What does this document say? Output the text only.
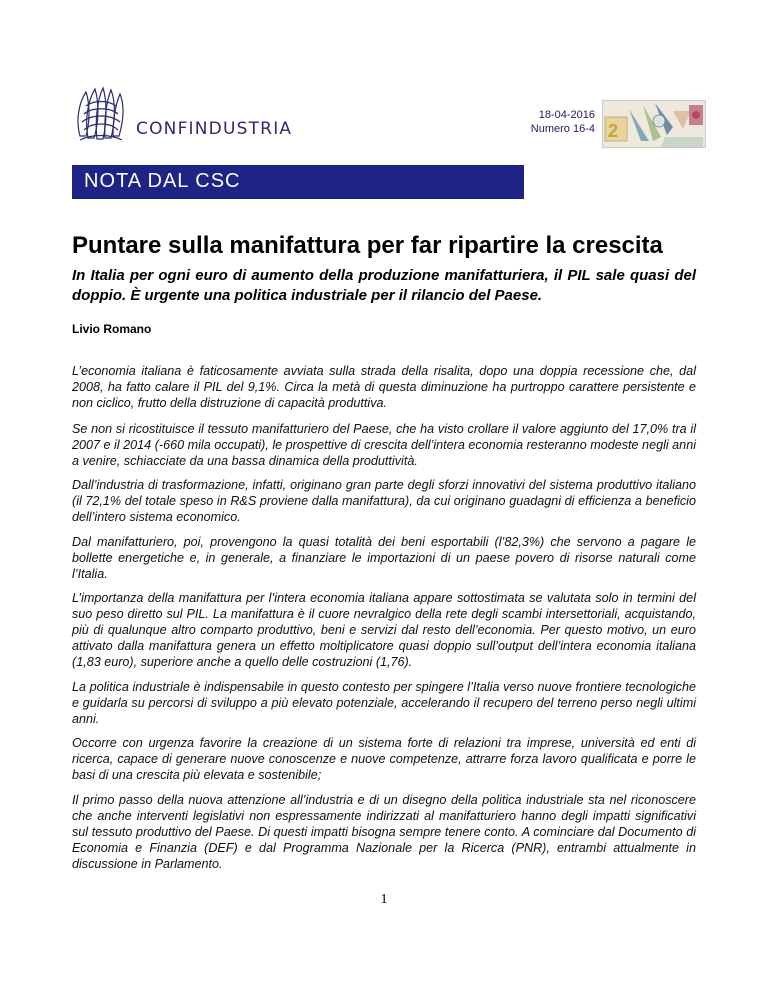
CONFINDUSTRIA
18-04-2016
Numero 16-4 2
NOTA DAL CSC
Puntare sulla manifattura per far ripartire la crescita
In Italia per ogni euro di aumento della produzione manifatturiera, il PIL sale quasi del doppio. È urgente una politica industriale per il rilancio del Paese.
Livio Romano

L’economia italiana è faticosamente avviata sulla strada della risalita, dopo una doppia recessione che, dal 2008, ha fatto calare il PIL del 9,1%. Circa la metà di questa diminuzione ha purtroppo carattere persistente e non ciclico, frutto della distruzione di capacità produttiva.

Se non si ricostituisce il tessuto manifatturiero del Paese, che ha visto crollare il valore aggiunto del 17,0% tra il 2007 e il 2014 (-660 mila occupati), le prospettive di crescita dell’intera economia resteranno modeste negli anni a venire, schiacciate da una bassa dinamica della produttività.

Dall’industria di trasformazione, infatti, originano gran parte degli sforzi innovativi del sistema produttivo italiano (il 72,1% del totale speso in R&S proviene dalla manifattura), da cui originano guadagni di efficienza a beneficio dell’intero sistema economico.

Dal manifatturiero, poi, provengono la quasi totalità dei beni esportabili (l’82,3%) che servono a pagare le bollette energetiche e, in generale, a finanziare le importazioni di un paese povero di risorse naturali come l’Italia.

L’importanza della manifattura per l’intera economia italiana appare sottostimata se valutata solo in termini del suo peso diretto sul PIL. La manifattura è il cuore nevralgico della rete degli scambi intersettoriali, acquistando, più di qualunque altro comparto produttivo, beni e servizi dal resto dell’economia. Per questo motivo, un euro attivato dalla manifattura genera un effetto moltiplicatore quasi doppio sull’output dell’intera economia italiana (1,83 euro), superiore anche a quello delle costruzioni (1,76).

La politica industriale è indispensabile in questo contesto per spingere l’Italia verso nuove frontiere tecnologiche e guidarla su percorsi di sviluppo a più elevato potenziale, accelerando il recupero del terreno perso negli ultimi anni.

Occorre con urgenza favorire la creazione di un sistema forte di relazioni tra imprese, università ed enti di ricerca, capace di generare nuove conoscenze e nuove competenze, attrarre forza lavoro qualificata e porre le basi di una crescita più elevata e sostenibile;

Il primo passo della nuova attenzione all’industria e di un disegno della politica industriale sta nel riconoscere che anche interventi legislativi non espressamente indirizzati al manifatturiero hanno degli impatti significativi sul tessuto produttivo del Paese. Di questi impatti bisogna sempre tenere conto. A cominciare dal Documento di Economia e Finanzia (DEF) e dal Programma Nazionale per la Ricerca (PNR), entrambi attualmente in discussione in Parlamento.

1
